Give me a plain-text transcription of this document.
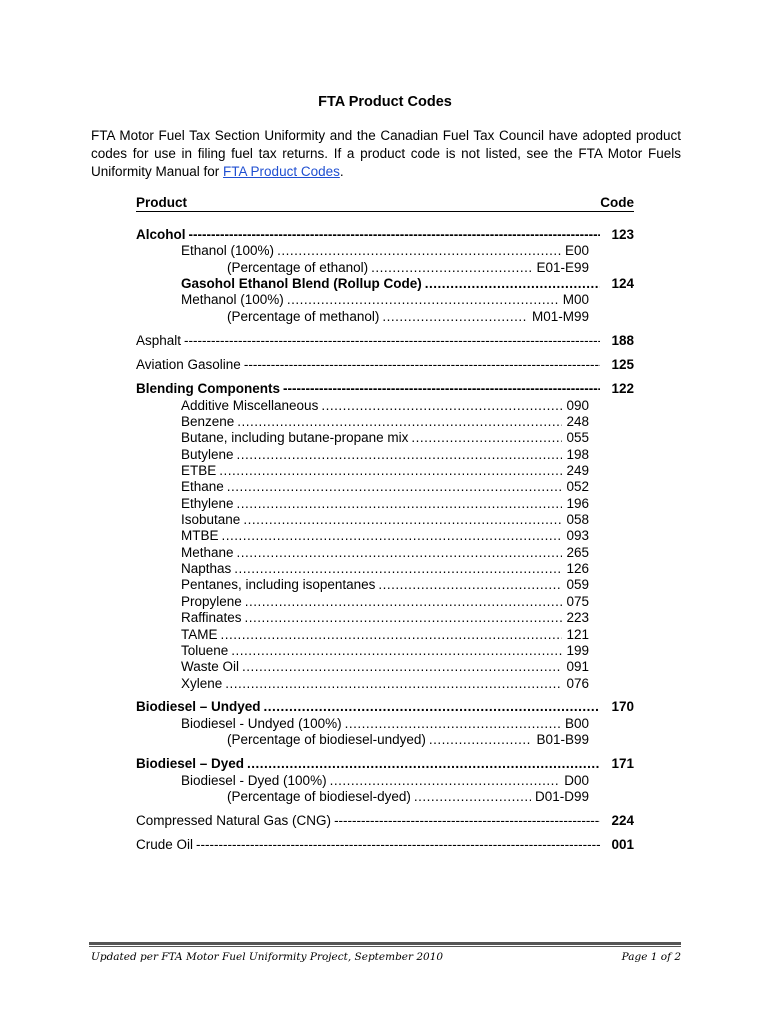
FTA Product Codes
FTA Motor Fuel Tax Section Uniformity and the Canadian Fuel Tax Council have adopted product codes for use in filing fuel tax returns. If a product code is not listed, see the FTA Motor Fuels Uniformity Manual for FTA Product Codes.
Product	Code
Alcohol -----	123
Ethanol (100%) .....	E00
(Percentage of ethanol) .....	E01-E99
Gasohol Ethanol Blend (Rollup Code) .....	124
Methanol (100%) .....	M00
(Percentage of methanol) .....	M01-M99
Asphalt -----	188
Aviation Gasoline -----	125
Blending Components -----	122
Additive Miscellaneous .....	090
Benzene .....	248
Butane, including butane-propane mix .....	055
Butylene .....	198
ETBE .....	249
Ethane .....	052
Ethylene .....	196
Isobutane .....	058
MTBE .....	093
Methane .....	265
Napthas .....	126
Pentanes, including isopentanes .....	059
Propylene .....	075
Raffinates .....	223
TAME .....	121
Toluene .....	199
Waste Oil .....	091
Xylene .....	076
Biodiesel – Undyed .....	170
Biodiesel - Undyed (100%) .....	B00
(Percentage of biodiesel-undyed) .....	B01-B99
Biodiesel – Dyed .....	171
Biodiesel - Dyed (100%) .....	D00
(Percentage of biodiesel-dyed) .....	D01-D99
Compressed Natural Gas (CNG) -----	224
Crude Oil -----	001
Updated per FTA Motor Fuel Uniformity Project, September 2010	Page 1 of 2
